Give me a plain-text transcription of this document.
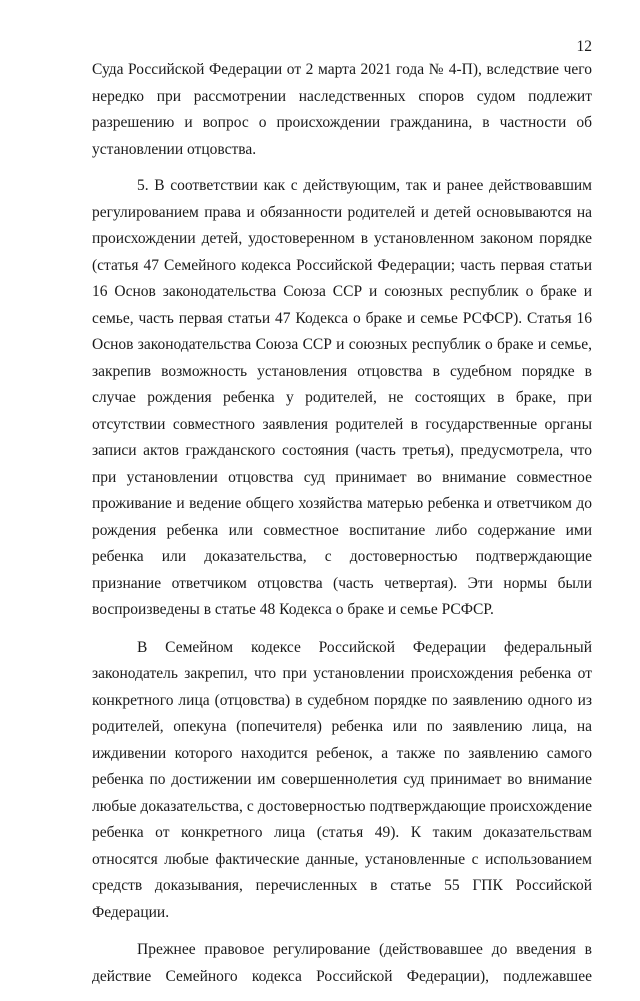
12

Суда Российской Федерации от 2 марта 2021 года № 4-П), вследствие чего нередко при рассмотрении наследственных споров судом подлежит разрешению и вопрос о происхождении гражданина, в частности об установлении отцовства.

5. В соответствии как с действующим, так и ранее действовавшим регулированием права и обязанности родителей и детей основываются на происхождении детей, удостоверенном в установленном законом порядке (статья 47 Семейного кодекса Российской Федерации; часть первая статьи 16 Основ законодательства Союза ССР и союзных республик о браке и семье, часть первая статьи 47 Кодекса о браке и семье РСФСР). Статья 16 Основ законодательства Союза ССР и союзных республик о браке и семье, закрепив возможность установления отцовства в судебном порядке в случае рождения ребенка у родителей, не состоящих в браке, при отсутствии совместного заявления родителей в государственные органы записи актов гражданского состояния (часть третья), предусмотрела, что при установлении отцовства суд принимает во внимание совместное проживание и ведение общего хозяйства матерью ребенка и ответчиком до рождения ребенка или совместное воспитание либо содержание ими ребенка или доказательства, с достоверностью подтверждающие признание ответчиком отцовства (часть четвертая). Эти нормы были воспроизведены в статье 48 Кодекса о браке и семье РСФСР.

В Семейном кодексе Российской Федерации федеральный законодатель закрепил, что при установлении происхождения ребенка от конкретного лица (отцовства) в судебном порядке по заявлению одного из родителей, опекуна (попечителя) ребенка или по заявлению лица, на иждивении которого находится ребенок, а также по заявлению самого ребенка по достижении им совершеннолетия суд принимает во внимание любые доказательства, с достоверностью подтверждающие происхождение ребенка от конкретного лица (статья 49). К таким доказательствам относятся любые фактические данные, установленные с использованием средств доказывания, перечисленных в статье 55 ГПК Российской Федерации.

Прежнее правовое регулирование (действовавшее до введения в действие Семейного кодекса Российской Федерации), подлежавшее
